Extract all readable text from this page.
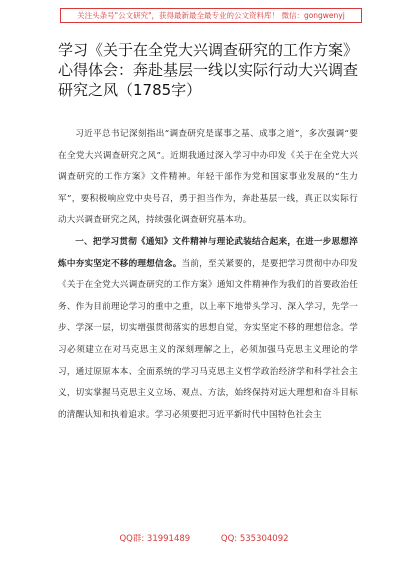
关注头条号"公文研究"，获得最新最全最专业的公文资料库！ 微信：gongwenyj
学习《关于在全党大兴调查研究的工作方案》心得体会：奔赴基层一线以实际行动大兴调查研究之风（1785字）

习近平总书记深刻指出“调查研究是谋事之基、成事之道”，多次强调“要在全党大兴调查研究之风”。近期我通过深入学习中办印发《关于在全党大兴调查研究的工作方案》文件精神。年轻干部作为党和国家事业发展的“生力军”，要积极响应党中央号召，勇于担当作为，奔赴基层一线，真正以实际行动大兴调查研究之风，持续强化调查研究基本功。

一、把学习贯彻《通知》文件精神与理论武装结合起来，在进一步思想淬炼中夯实坚定不移的理想信念。当前，至关紧要的，是要把学习贯彻中办印发《关于在全党大兴调查研究的工作方案》通知文件精神作为我们的首要政治任务、作为目前理论学习的重中之重，以上率下地带头学习、深入学习，先学一步、学深一层，切实增强贯彻落实的思想自觉，夯实坚定不移的理想信念。学习必须建立在对马克思主义的深刻理解之上，必须加强马克思主义理论的学习，通过原原本本、全面系统的学习马克思主义哲学政治经济学和科学社会主义，切实掌握马克思主义立场、观点、方法，始终保持对远大理想和奋斗目标的清醒认知和执着追求。学习必须要把习近平新时代中国特色社会主

QQ群: 31991489	QQ: 535304092
